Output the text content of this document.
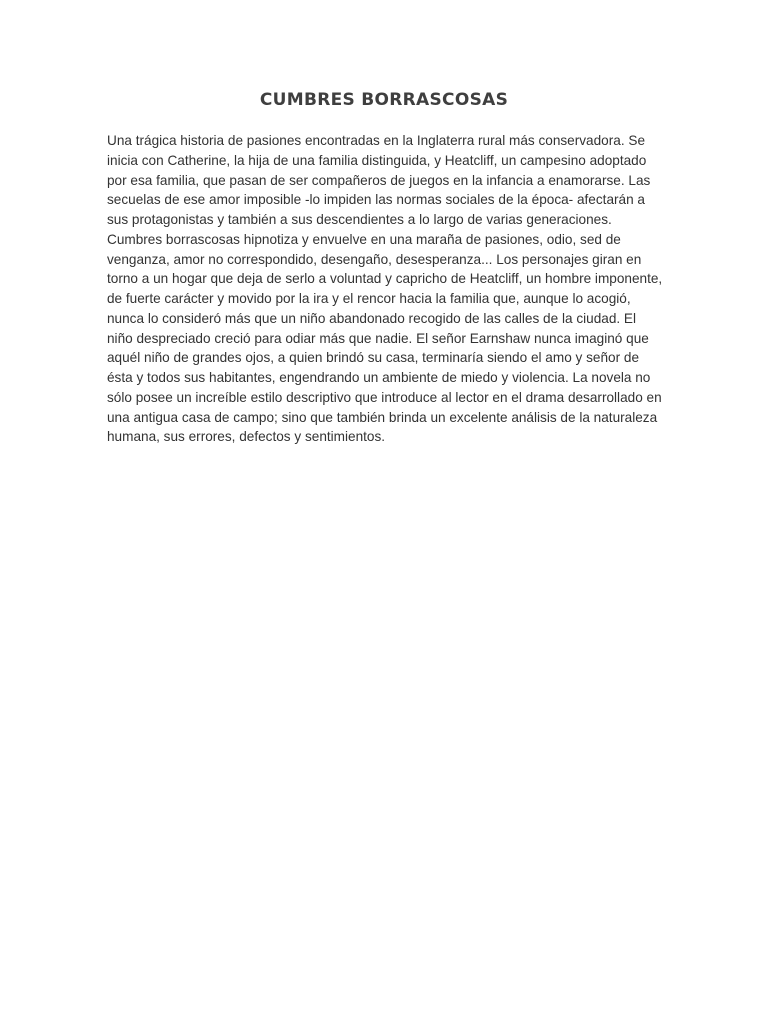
CUMBRES BORRASCOSAS

Una trágica historia de pasiones encontradas en la Inglaterra rural más conservadora. Se inicia con Catherine, la hija de una familia distinguida, y Heatcliff, un campesino adoptado por esa familia, que pasan de ser compañeros de juegos en la infancia a enamorarse. Las secuelas de ese amor imposible -lo impiden las normas sociales de la época- afectarán a sus protagonistas y también a sus descendientes a lo largo de varias generaciones. Cumbres borrascosas hipnotiza y envuelve en una maraña de pasiones, odio, sed de venganza, amor no correspondido, desengaño, desesperanza... Los personajes giran en torno a un hogar que deja de serlo a voluntad y capricho de Heatcliff, un hombre imponente, de fuerte carácter y movido por la ira y el rencor hacia la familia que, aunque lo acogió, nunca lo consideró más que un niño abandonado recogido de las calles de la ciudad. El niño despreciado creció para odiar más que nadie. El señor Earnshaw nunca imaginó que aquél niño de grandes ojos, a quien brindó su casa, terminaría siendo el amo y señor de ésta y todos sus habitantes, engendrando un ambiente de miedo y violencia. La novela no sólo posee un increíble estilo descriptivo que introduce al lector en el drama desarrollado en una antigua casa de campo; sino que también brinda un excelente análisis de la naturaleza humana, sus errores, defectos y sentimientos.
